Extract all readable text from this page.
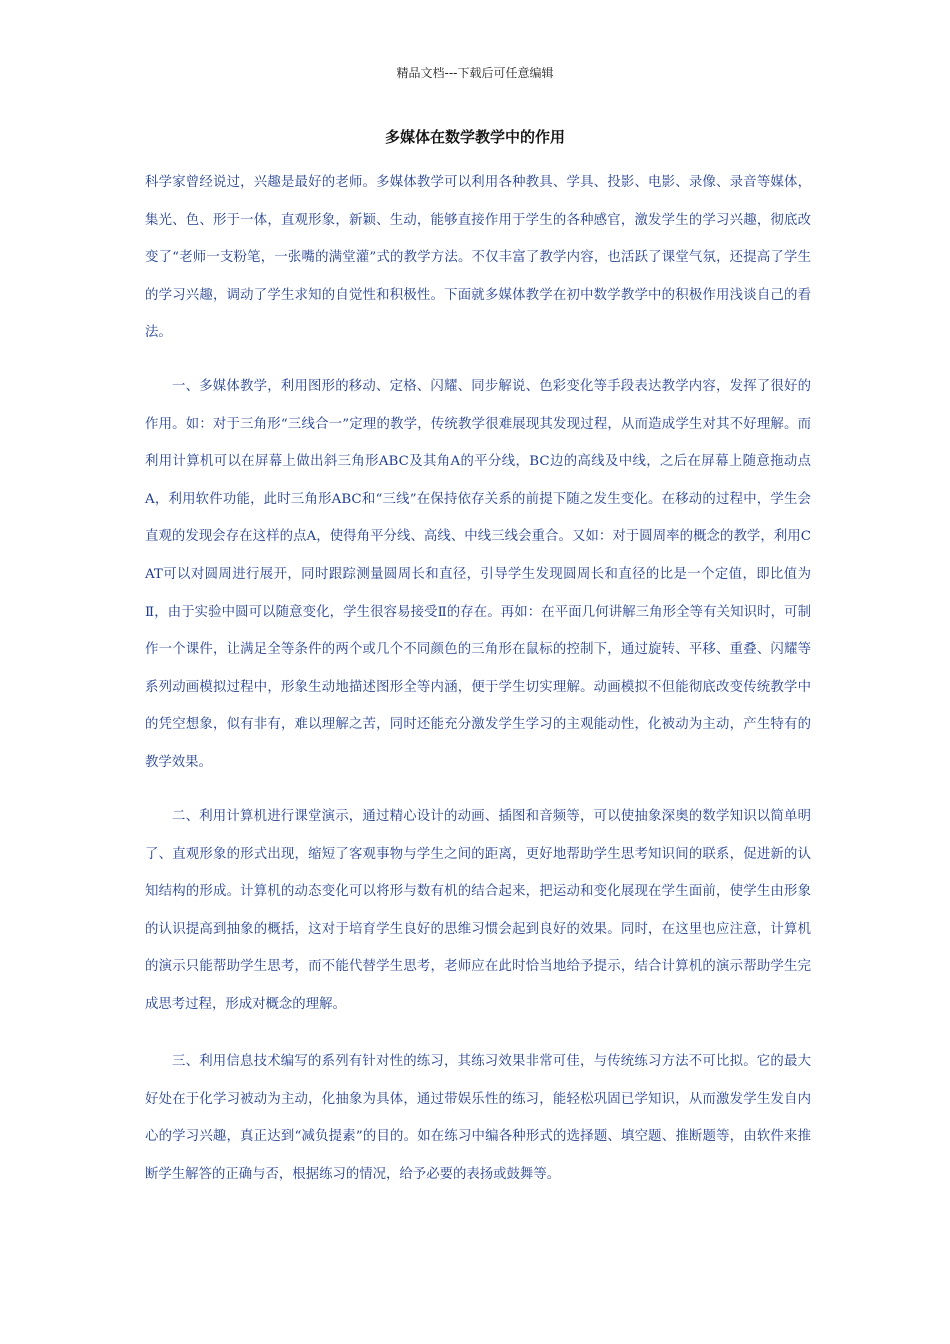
精品文档---下载后可任意编辑
多媒体在数学教学中的作用

科学家曾经说过，兴趣是最好的老师。多媒体教学可以利用各种教具、学具、投影、电影、录像、录音等媒体，集光、色、形于一体，直观形象，新颖、生动，能够直接作用于学生的各种感官，激发学生的学习兴趣，彻底改变了“老师一支粉笔，一张嘴的满堂灌”式的教学方法。不仅丰富了教学内容，也活跃了课堂气氛，还提高了学生的学习兴趣，调动了学生求知的自觉性和积极性。下面就多媒体教学在初中数学教学中的积极作用浅谈自己的看法。

一、多媒体教学，利用图形的移动、定格、闪耀、同步解说、色彩变化等手段表达教学内容，发挥了很好的作用。如：对于三角形“三线合一”定理的教学，传统教学很难展现其发现过程，从而造成学生对其不好理解。而利用计算机可以在屏幕上做出斜三角形ABC及其角A的平分线，BC边的高线及中线，之后在屏幕上随意拖动点A，利用软件功能，此时三角形ABC和“三线”在保持依存关系的前提下随之发生变化。在移动的过程中，学生会直观的发现会存在这样的点A，使得角平分线、高线、中线三线会重合。又如：对于圆周率的概念的教学，利用CAT可以对圆周进行展开，同时跟踪测量圆周长和直径，引导学生发现圆周长和直径的比是一个定值，即比值为Ⅱ，由于实验中圆可以随意变化，学生很容易接受Ⅱ的存在。再如：在平面几何讲解三角形全等有关知识时，可制作一个课件，让满足全等条件的两个或几个不同颜色的三角形在鼠标的控制下，通过旋转、平移、重叠、闪耀等系列动画模拟过程中，形象生动地描述图形全等内涵，便于学生切实理解。动画模拟不但能彻底改变传统教学中的凭空想象，似有非有，难以理解之苦，同时还能充分激发学生学习的主观能动性，化被动为主动，产生特有的教学效果。

二、利用计算机进行课堂演示，通过精心设计的动画、插图和音频等，可以使抽象深奥的数学知识以简单明了、直观形象的形式出现，缩短了客观事物与学生之间的距离，更好地帮助学生思考知识间的联系，促进新的认知结构的形成。计算机的动态变化可以将形与数有机的结合起来，把运动和变化展现在学生面前，使学生由形象的认识提高到抽象的概括，这对于培育学生良好的思维习惯会起到良好的效果。同时，在这里也应注意，计算机的演示只能帮助学生思考，而不能代替学生思考，老师应在此时恰当地给予提示，结合计算机的演示帮助学生完成思考过程，形成对概念的理解。

三、利用信息技术编写的系列有针对性的练习，其练习效果非常可佳，与传统练习方法不可比拟。它的最大好处在于化学习被动为主动，化抽象为具体，通过带娱乐性的练习，能轻松巩固已学知识，从而激发学生发自内心的学习兴趣，真正达到“减负提素”的目的。如在练习中编各种形式的选择题、填空题、推断题等，由软件来推断学生解答的正确与否，根据练习的情况，给予必要的表扬或鼓舞等。
